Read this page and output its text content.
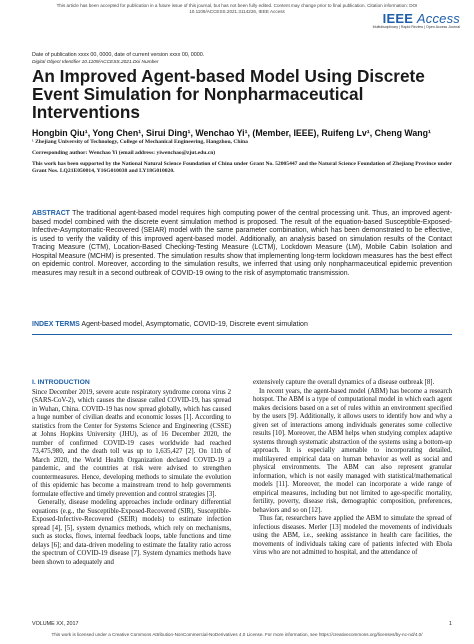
This article has been accepted for publication in a future issue of this journal, but has not been fully edited. Content may change prior to final publication. Citation information: DOI
10.1109/ACCESS.2021.3114226, IEEE Access	IEEE Access
Multidisciplinary | Rapid Review | Open Access Journal
Date of publication xxxx 00, 0000, date of current version xxxx 00, 0000.
Digital Object Identifier 10.1109/ACCESS.2021.Doi Number
An Improved Agent-based Model Using Discrete Event Simulation for Nonpharmaceutical Interventions
Hongbin Qiu¹, Yong Chen¹, Sirui Ding¹, Wenchao Yi¹, (Member, IEEE), Ruifeng Lv¹, Cheng Wang¹
¹ Zhejiang University of Technology, College of Mechanical Engineering, Hangzhou, China
Corresponding author: Wenchao Yi (email address: yiwenchao@zjut.edu.cn)
This work has been supported by the National Natural Science Foundation of China under Grant No. 52005447 and the Natural Science Foundation of Zhejiang Province under Grant Nos. LQ21E050014, Y16G010038 and LY18G010020.
ABSTRACT The traditional agent-based model requires high computing power of the central processing unit. Thus, an improved agent-based model combined with the discrete event simulation method is proposed. The result of the equation-based Susceptible-Exposed-Infective-Asymptomatic-Recovered (SEIAR) model with the same parameter combination, which has been demonstrated to be effective, is used to verify the validity of this improved agent-based model. Additionally, an analysis based on simulation results of the Contact Tracing Measure (CTM), Location-Based Checking-Testing Measure (LCTM), Lockdown Measure (LM), Mobile Cabin Isolation and Hospital Measure (MCHM) is presented. The simulation results show that implementing long-term lockdown measures has the best effect on epidemic control. Moreover, according to the simulation results, we inferred that using only nonpharmaceutical epidemic prevention measures may result in a second outbreak of COVID-19 owing to the risk of asymptomatic transmission.
INDEX TERMS Agent-based model, Asymptomatic, COVID-19, Discrete event simulation
I. INTRODUCTION

Since December 2019, severe acute respiratory syndrome corona virus 2 (SARS-CoV-2), which causes the disease called COVID-19, has spread in Wuhan, China. COVID-19 has now spread globally, which has caused a huge number of civilian deaths and economic losses [1]. According to statistics from the Center for Systems Science and Engineering (CSSE) at Johns Hopkins University (JHU), as of 16 December 2020, the number of confirmed COVID-19 cases worldwide had reached 73,475,980, and the death toll was up to 1,635,427 [2]. On 11th of March 2020, the World Health Organization declared COVID-19 a pandemic, and the countries at risk were advised to strengthen countermeasures. Hence, developing methods to simulate the evolution of this epidemic has become a mainstream trend to help governments formulate effective and timely prevention and control strategies [3].

Generally, disease modeling approaches include ordinary differential equations (e.g., the Susceptible-Exposed-Recovered (SIR), Susceptible-Exposed-Infective-Recovered (SEIR) models) to estimate infection spread [4], [5], system dynamics methods, which rely on mechanisms, such as stocks, flows, internal feedback loops, table functions and time delays [6]; and data-driven modeling to estimate the fatality ratio across the spectrum of COVID-19 disease [7]. System dynamics methods have been shown to adequately and

extensively capture the overall dynamics of a disease outbreak [8].

In recent years, the agent-based model (ABM) has become a research hotspot. The ABM is a type of computational model in which each agent makes decisions based on a set of rules within an environment specified by the users [9]. Additionally, it allows users to identify how and why a given set of interactions among individuals generates some collective results [10]. Moreover, the ABM helps when studying complex adaptive systems through systematic abstraction of the systems using a bottom-up approach. It is especially amenable to incorporating detailed, multilayered empirical data on human behavior as well as social and physical environments. The ABM can also represent granular information, which is not easily managed with statistical/mathematical models [11]. Moreover, the model can incorporate a wide range of empirical measures, including but not limited to age-specific mortality, fertility, poverty, disease risk, demographic composition, preferences, behaviors and so on [12].

Thus far, researchers have applied the ABM to simulate the spread of infectious diseases. Merler [13] modeled the movements of individuals using the ABM, i.e., seeking assistance in health care facilities, the movements of individuals taking care of patients infected with Ebola virus who are not admitted to hospital, and the attendance of

VOLUME XX, 2017	1
This work is licensed under a Creative Commons Attribution-NonCommercial-NoDerivatives 4.0 License. For more information, see https://creativecommons.org/licenses/by-nc-nd/4.0/
